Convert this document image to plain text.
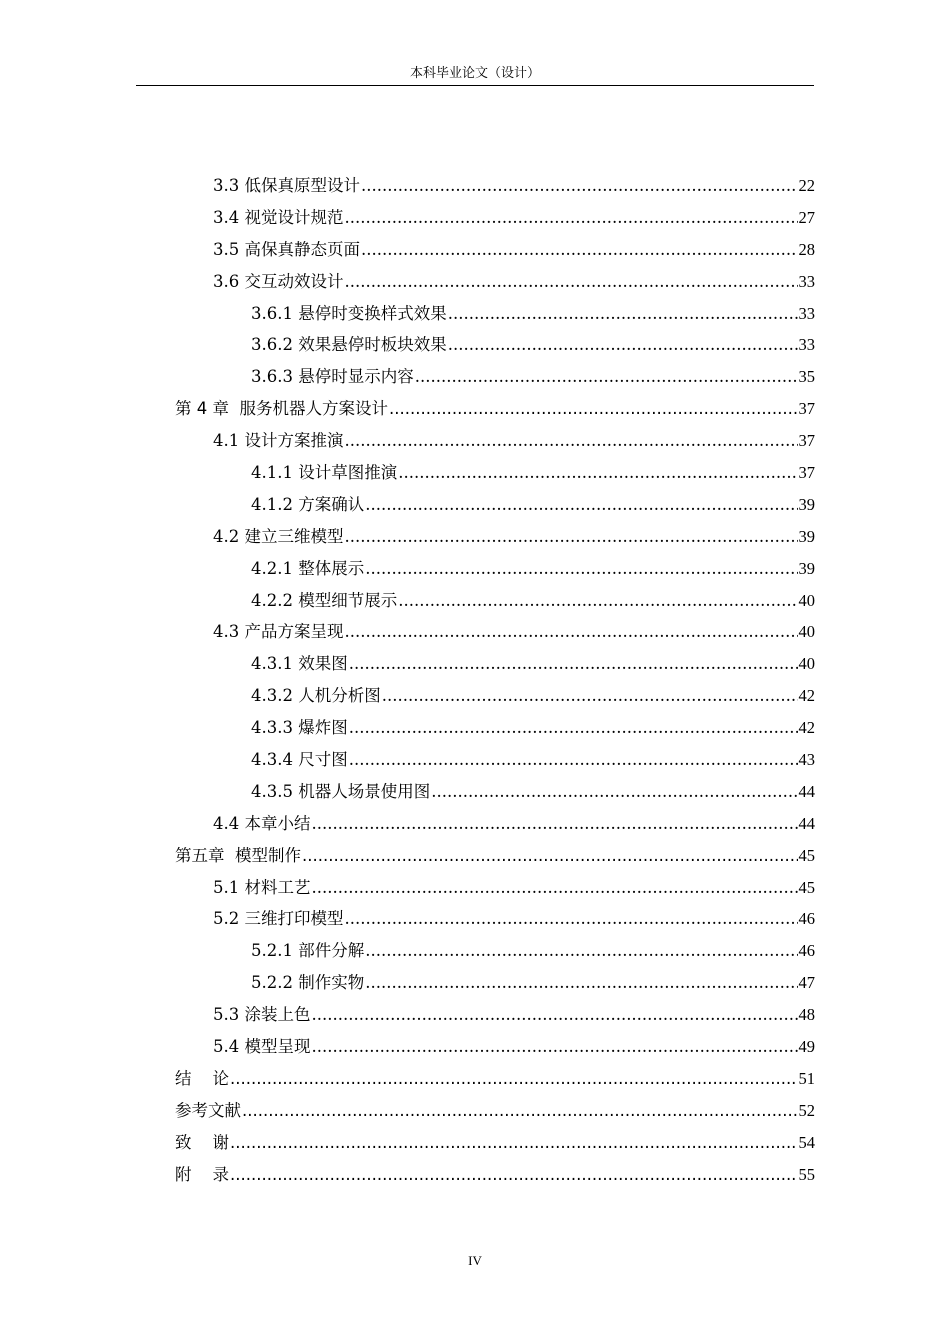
本科毕业论文（设计）
3.3 低保真原型设计 .....	22
3.4 视觉设计规范 .....	27
3.5 高保真静态页面 .....	28
3.6 交互动效设计 .....	33
3.6.1 悬停时变换样式效果 .....	33
3.6.2 效果悬停时板块效果 .....	33
3.6.3 悬停时显示内容 .....	35
第 4 章  服务机器人方案设计 .....	37
4.1 设计方案推演 .....	37
4.1.1 设计草图推演 .....	37
4.1.2 方案确认 .....	39
4.2 建立三维模型 .....	39
4.2.1 整体展示 .....	39
4.2.2 模型细节展示 .....	40
4.3 产品方案呈现 .....	40
4.3.1 效果图 .....	40
4.3.2 人机分析图 .....	42
4.3.3 爆炸图 .....	42
4.3.4 尺寸图 .....	43
4.3.5 机器人场景使用图 .....	44
4.4 本章小结 .....	44
第五章  模型制作 .....	45
5.1 材料工艺 .....	45
5.2 三维打印模型 .....	46
5.2.1 部件分解 .....	46
5.2.2 制作实物 .....	47
5.3 涂装上色 .....	48
5.4 模型呈现 .....	49
结    论 .....	51
参考文献 .....	52
致    谢 .....	54
附    录 .....	55
IV
